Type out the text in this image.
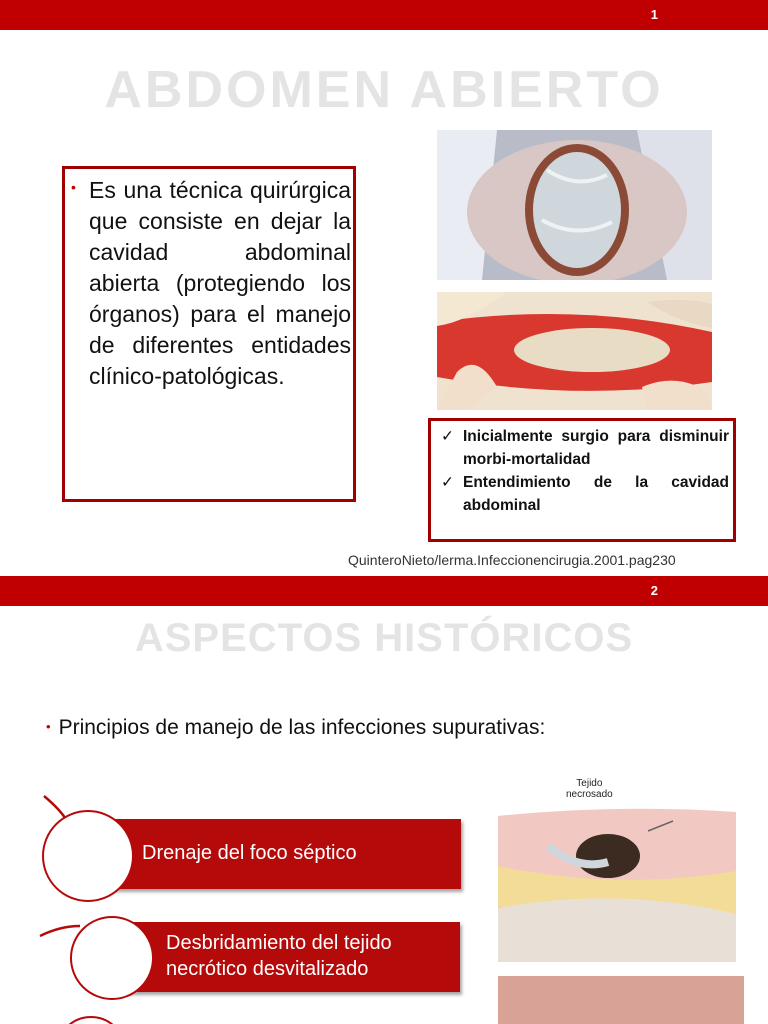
1
ABDOMEN ABIERTO
• Es una técnica quirúrgica que consiste en dejar la cavidad abdominal abierta (protegiendo los órganos) para el manejo de diferentes entidades clínico-patológicas.
✓ Inicialmente surgio para disminuir morbi-mortalidad
✓ Entendimiento de la cavidad abdominal
QuinteroNieto/lerma.Infeccionencirugia.2001.pag230
2
ASPECTOS HISTÓRICOS
• Principios de manejo de las infecciones supurativas:
Drenaje del foco séptico
Desbridamiento del tejido necrótico desvitalizado
Tejido
necrosado
